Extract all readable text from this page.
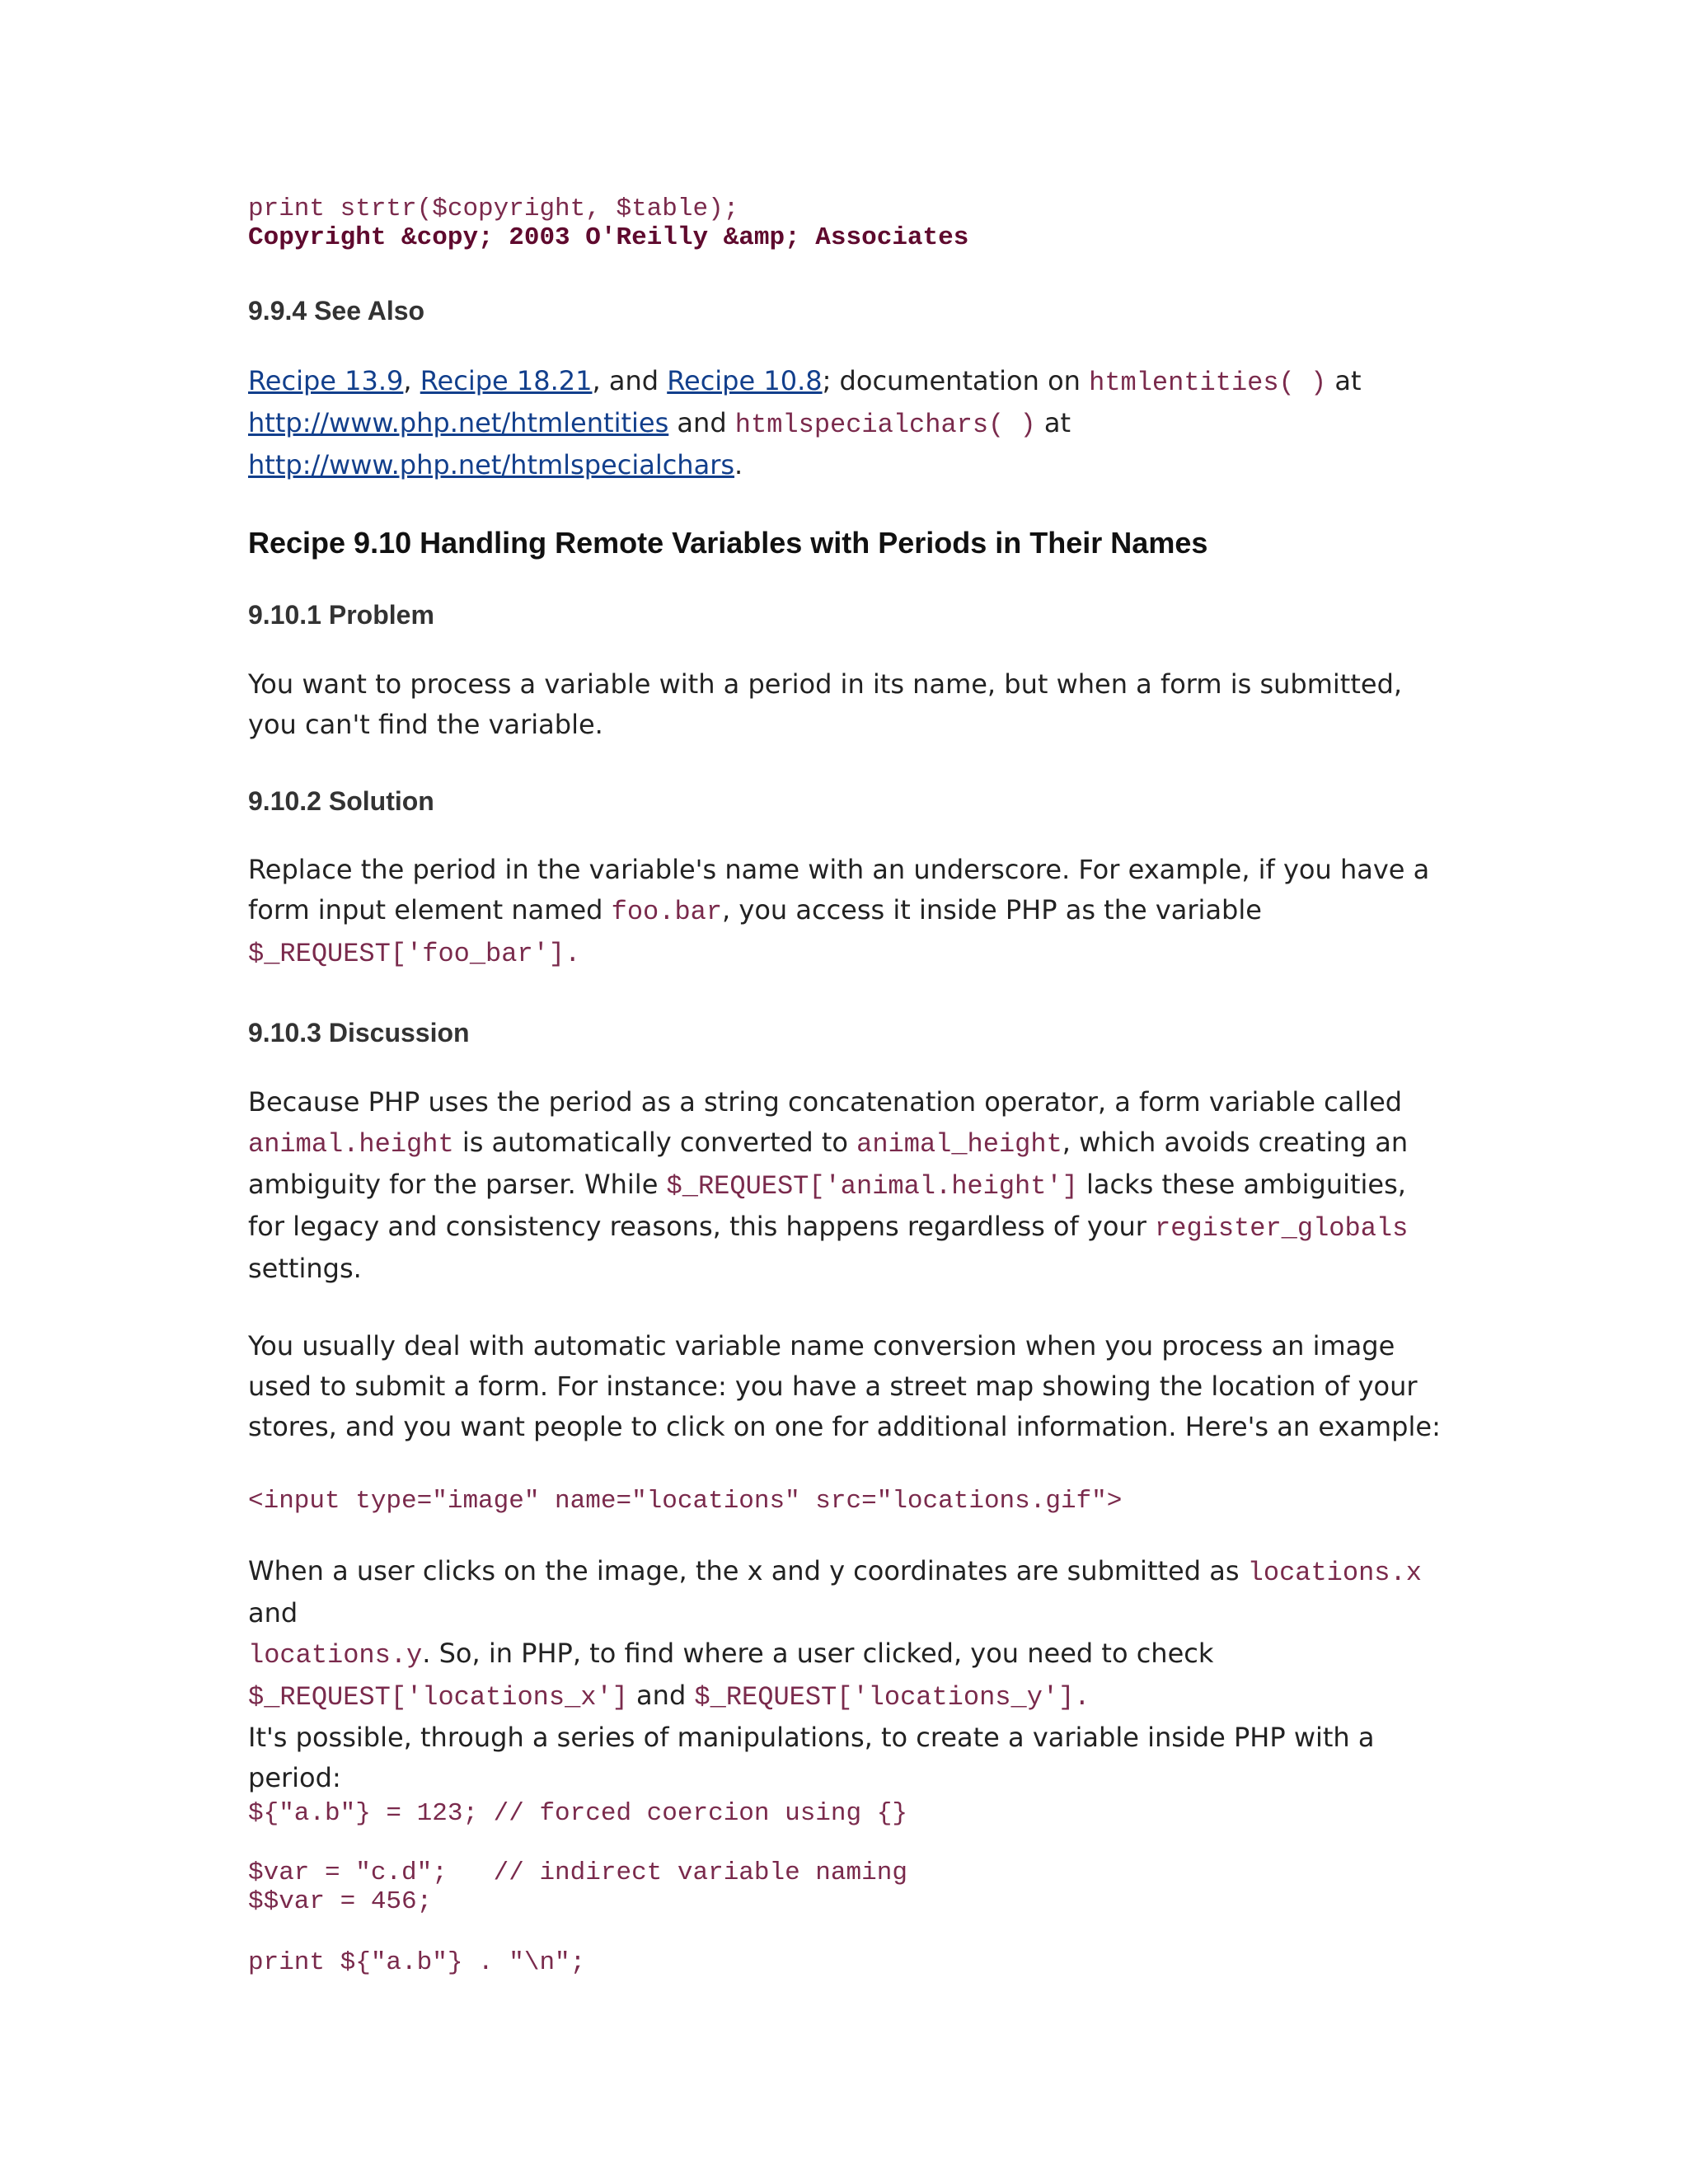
print strtr($copyright, $table);
Copyright &copy; 2003 O'Reilly &amp; Associates
9.9.4 See Also

Recipe 13.9, Recipe 18.21, and Recipe 10.8; documentation on htmlentities( ) at
http://www.php.net/htmlentities and htmlspecialchars( ) at
http://www.php.net/htmlspecialchars.

Recipe 9.10 Handling Remote Variables with Periods in Their Names
9.10.1 Problem

You want to process a variable with a period in its name, but when a form is submitted, you can't find the variable.

9.10.2 Solution

Replace the period in the variable's name with an underscore. For example, if you have a form input element named foo.bar, you access it inside PHP as the variable
$_REQUEST['foo_bar'].

9.10.3 Discussion

Because PHP uses the period as a string concatenation operator, a form variable called
animal.height is automatically converted to animal_height, which avoids creating an ambiguity for the parser. While $_REQUEST['animal.height'] lacks these ambiguities, for legacy and consistency reasons, this happens regardless of your register_globals
settings.

You usually deal with automatic variable name conversion when you process an image used to submit a form. For instance: you have a street map showing the location of your stores, and you want people to click on one for additional information. Here's an example:

<input type="image" name="locations" src="locations.gif">

When a user clicks on the image, the x and y coordinates are submitted as locations.x and
locations.y. So, in PHP, to find where a user clicked, you need to check
$_REQUEST['locations_x'] and $_REQUEST['locations_y'].

It's possible, through a series of manipulations, to create a variable inside PHP with a period:

${"a.b"} = 123; // forced coercion using {}
$var = "c.d";   // indirect variable naming
$$var = 456;
print ${"a.b"} . "\n";
